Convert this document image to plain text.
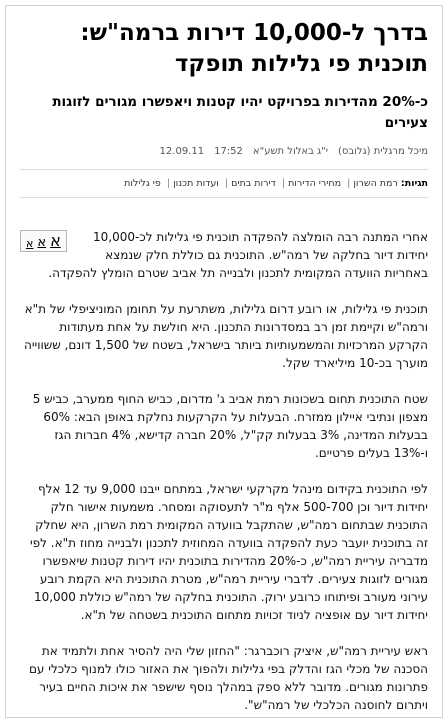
בדרך ל-10,000 דירות ברמה"ש: תוכנית פי גלילות תופקד
כ-20% מהדירות בפרויקט יהיו קטנות ויאפשרו מגורים לזוגות צעירים
מיכל מרגלית (גלובס)
י"ג באלול תשע"א
17:52
12.09.11
תגיות: רמת השרון| מחירי הדירות| דירות בתים| ועדות תכנון| פי גלילות

א א א	אחרי המתנה רבה הומלצה להפקדה תוכנית פי גלילות לכ-10,000 יחידות דיור בחלקה של רמה"ש. התוכנית גם כוללת חלק שנמצא באחריות הוועדה המקומית לתכנון ולבנייה תל אביב שטרם הומלץ להפקדה.

תוכנית פי גלילות, או רובע דרום גלילות, משתרעת על תחומן המוניציפלי של ת"א ורמה"ש וקיימת זמן רב במסדרונות התכנון. היא חולשת על אחת מעתודות הקרקע המרכזיות והמשמעותיות ביותר בישראל, בשטח של 1,500 דונם, ששווייה מוערך בכ-10 מיליארד שקל.

שטח התוכנית תחום בשכונות רמת אביב ג' מדרום, כביש החוף ממערב, כביש 5 מצפון ונתיבי איילון ממזרח. הבעלות על הקרקעות נחלקת באופן הבא: 60% בבעלות המדינה, 3% בבעלות קק"ל, 20% חברה קדישא, 4% חברות הגז ו-13% בעלים פרטיים.

לפי התוכנית בקידום מינהל מקרקעי ישראל, במתחם ייבנו 9,000 עד 12 אלף יחידות דיור וכן 500-700 אלף מ"ר לתעסוקה ומסחר. משמעות אישור חלק התוכנית שבתחום רמה"ש, שהתקבל בוועדה המקומית רמת השרון, היא שחלק זה בתוכנית יועבר כעת להפקדה בוועדה המחוזית לתכנון ולבנייה מחוז ת"א. לפי מדבריה עיריית רמה"ש, כ-20% מהדירות בתוכנית יהיו דירות קטנות שיאפשרו מגורים לזוגות צעירים. לדברי עיריית רמה"ש, מטרת התוכנית היא הקמת רובע עירוני מעורב ופיתוחו כרובע ירוק. התוכנית בחלקה של רמה"ש כוללת 10,000 יחידות דיור עם אופציה לניוד זכויות מתחום התוכנית בשטחה של ת"א.

ראש עיריית רמה"ש, איציק רוכברגר: "החזון שלי היה להסיר אחת ולתמיד את הסכנה של מכלי הגז והדלק בפי גלילות ולהפוך את האזור כולו למנוף כלכלי עם פתרונות מגורים. מדובר ללא ספק במהלך נוסף שישפר את איכות החיים בעיר ויתרום לחוסנה הכלכלי של רמה"ש".
